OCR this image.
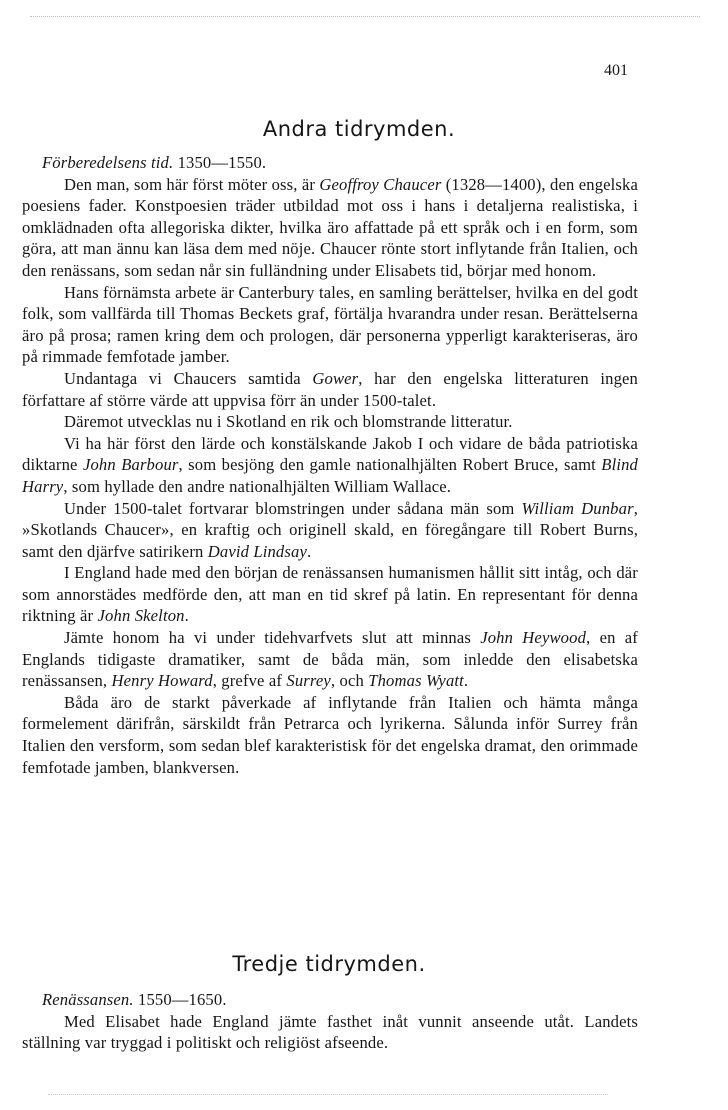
401
Andra tidrymden.

Förberedelsens tid. 1350—1550.

Den man, som här först möter oss, är Geoffroy Chaucer (1328—1400), den engelska poesiens fader. Konstpoesien träder utbildad mot oss i hans i detaljerna realistiska, i omklädnaden ofta allegoriska dikter, hvilka äro affattade på ett språk och i en form, som göra, att man ännu kan läsa dem med nöje. Chaucer rönte stort inflytande från Italien, och den renässans, som sedan når sin fulländning under Elisabets tid, börjar med honom.

Hans förnämsta arbete är Canterbury tales, en samling berättelser, hvilka en del godt folk, som vallfärda till Thomas Beckets graf, förtälja hvarandra under resan. Berättelserna äro på prosa; ramen kring dem och prologen, där personerna ypperligt karakteriseras, äro på rimmade femfotade jamber.

Undantaga vi Chaucers samtida Gower, har den engelska litteraturen ingen författare af större värde att uppvisa förr än under 1500-talet.

Däremot utvecklas nu i Skotland en rik och blomstrande litteratur.

Vi ha här först den lärde och konstälskande Jakob I och vidare de båda patriotiska diktarne John Barbour, som besjöng den gamle nationalhjälten Robert Bruce, samt Blind Harry, som hyllade den andre nationalhjälten William Wallace.

Under 1500-talet fortvarar blomstringen under sådana män som William Dunbar, »Skotlands Chaucer», en kraftig och originell skald, en föregångare till Robert Burns, samt den djärfve satirikern David Lindsay.

I England hade med den början de renässansen humanismen hållit sitt intåg, och där som annorstädes medförde den, att man en tid skref på latin. En representant för denna riktning är John Skelton.

Jämte honom ha vi under tidehvarfvets slut att minnas John Heywood, en af Englands tidigaste dramatiker, samt de båda män, som inledde den elisabetska renässansen, Henry Howard, grefve af Surrey, och Thomas Wyatt.

Båda äro de starkt påverkade af inflytande från Italien och hämta många formelement därifrån, särskildt från Petrarca och lyrikerna. Sålunda inför Surrey från Italien den versform, som sedan blef karakteristisk för det engelska dramat, den orimmade femfotade jamben, blankversen.

Tredje tidrymden.

Renässansen. 1550—1650.

Med Elisabet hade England jämte fasthet inåt vunnit anseende utåt. Landets ställning var tryggad i politiskt och religiöst afseende.
